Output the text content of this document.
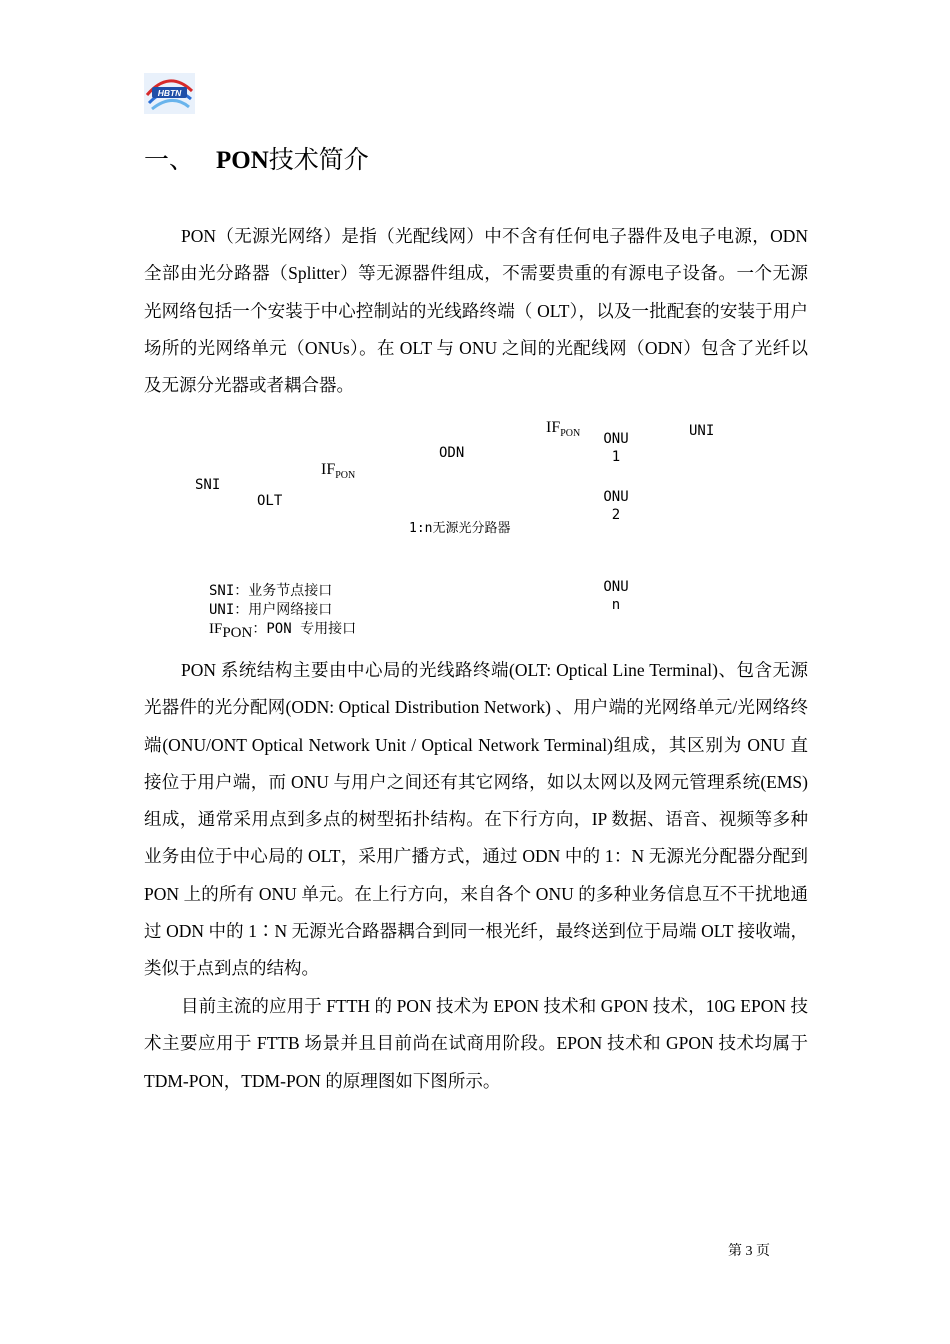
HBTN
一、 PON技术简介

PON（无源光网络）是指（光配线网）中不含有任何电子器件及电子电源，ODN 全部由光分路器（Splitter）等无源器件组成，不需要贵重的有源电子设备。一个无源光网络包括一个安装于中心控制站的光线路终端（ OLT），以及一批配套的安装于用户场所的光网络单元（ONUs）。在 OLT 与 ONU 之间的光配线网（ODN）包含了光纤以及无源分光器或者耦合器。

$IF_{PON}$	UNI
ONU
1
ODN
$IF_{PON}$
SNI
OLT	ONU
2
1:n无源光分路器
ONU
n
SNI：业务节点接口
UNI：用户网络接口
$IF_{PON}$：PON 专用接口

PON 系统结构主要由中心局的光线路终端(OLT: Optical Line Terminal)、包含无源光器件的光分配网(ODN: Optical Distribution Network) 、用户端的光网络单元/光网络终端(ONU/ONT Optical Network Unit / Optical Network Terminal)组成，其区别为 ONU 直接位于用户端，而 ONU 与用户之间还有其它网络，如以太网以及网元管理系统(EMS)组成，通常采用点到多点的树型拓扑结构。在下行方向，IP 数据、语音、视频等多种业务由位于中心局的 OLT，采用广播方式，通过 ODN 中的 1：N 无源光分配器分配到 PON 上的所有 ONU 单元。在上行方向，来自各个 ONU 的多种业务信息互不干扰地通过 ODN 中的 1∶N 无源光合路器耦合到同一根光纤，最终送到位于局端 OLT 接收端，类似于点到点的结构。

目前主流的应用于 FTTH 的 PON 技术为 EPON 技术和 GPON 技术，10G EPON 技术主要应用于 FTTB 场景并且目前尚在试商用阶段。EPON 技术和 GPON 技术均属于 TDM-PON，TDM-PON 的原理图如下图所示。

第 3 页
